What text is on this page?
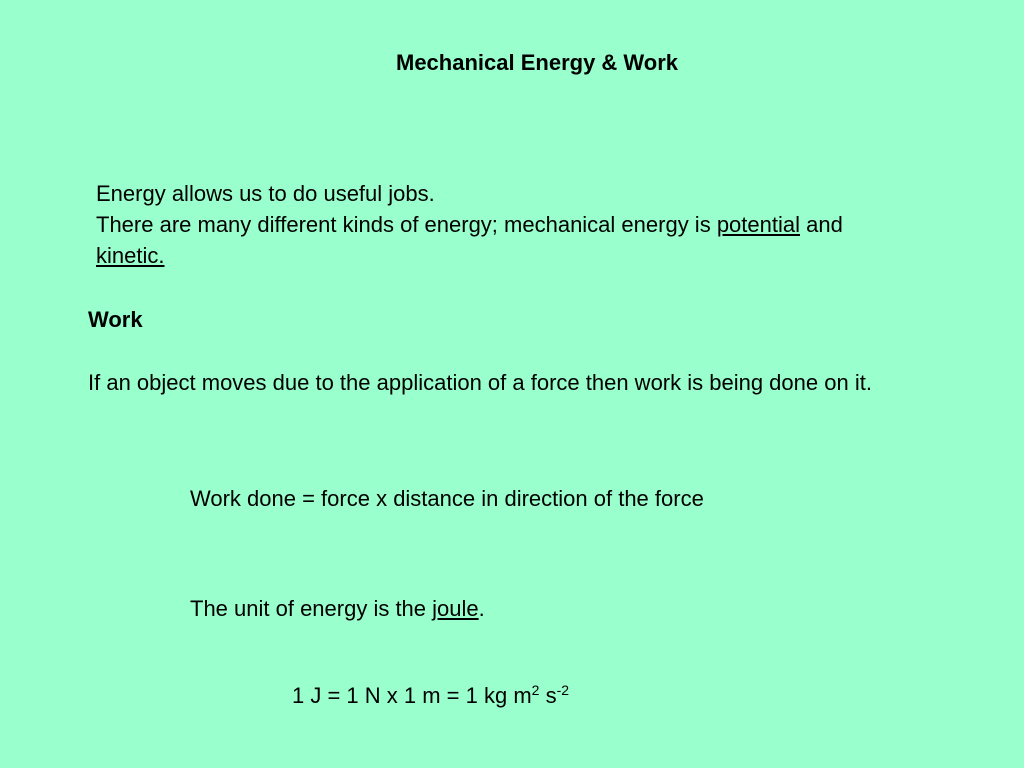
Mechanical Energy & Work
Energy allows us to do useful jobs.
There are many different kinds of energy; mechanical energy is potential and
kinetic.
Work
If an object moves due to the application of a force then work is being done on it.
Work done = force x distance in direction of the force
The unit of energy is the joule.
1 J = 1 N x 1 m = 1 kg $m^2$ $s^{-2}$
